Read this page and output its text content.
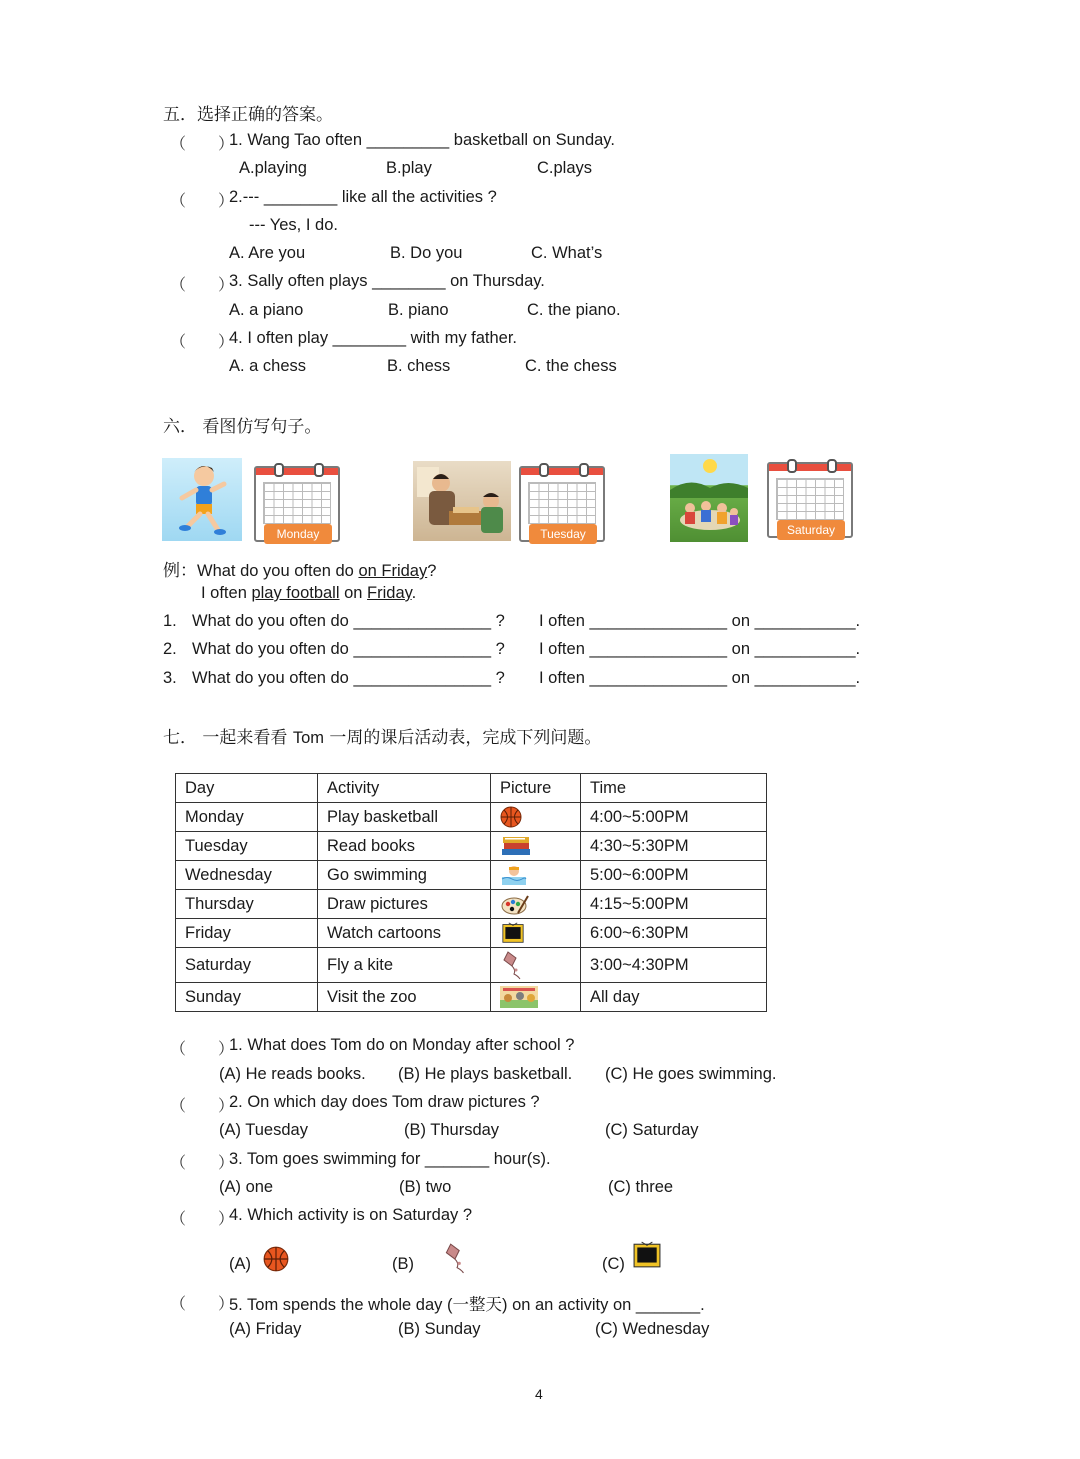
五．选择正确的答案。
（　　）
1. Wang Tao often _________ basketball on Sunday.
A.playing	B.play	C.plays
（　　）
2.--- ________ like all the activities ?
--- Yes, I do.
A. Are you	B. Do you	C. What’s
（　　）
3. Sally often plays ________ on Thursday.
A. a piano	B. piano	C. the piano.
（　　）
4. I often play ________ with my father.
A. a chess	B. chess	C. the chess
六． 看图仿写句子。
Monday	Tuesday	Saturday
例：What do you often do on Friday?
I often play football on Friday.
1. What do you often do _______________ ? I often _______________ on ___________.
2. What do you often do _______________ ? I often _______________ on ___________.
3. What do you often do _______________ ? I often _______________ on ___________.
七． 一起来看看 Tom 一周的课后活动表，完成下列问题。
Day	Activity	Picture	Time
Monday	Play basketball		4:00~5:00PM
Tuesday	Read books		4:30~5:30PM
Wednesday	Go swimming		5:00~6:00PM
Thursday	Draw pictures		4:15~5:00PM
Friday	Watch cartoons		6:00~6:30PM
Saturday	Fly a kite		3:00~4:30PM
Sunday	Visit the zoo		All day
（　　）
1. What does Tom do on Monday after school ?
(A) He reads books. (B) He plays basketball. (C) He goes swimming.
（　　）
2. On which day does Tom draw pictures ?
(A) Tuesday	(B) Thursday	(C) Saturday
（　　）
3. Tom goes swimming for _______ hour(s).
(A) one	(B) two	(C) three
（　　）
4. Which activity is on Saturday ?
(A)	(B)	(C)
（　　）
5. Tom spends the whole day (一整天) on an activity on _______.
(A) Friday	(B) Sunday	(C) Wednesday
4
